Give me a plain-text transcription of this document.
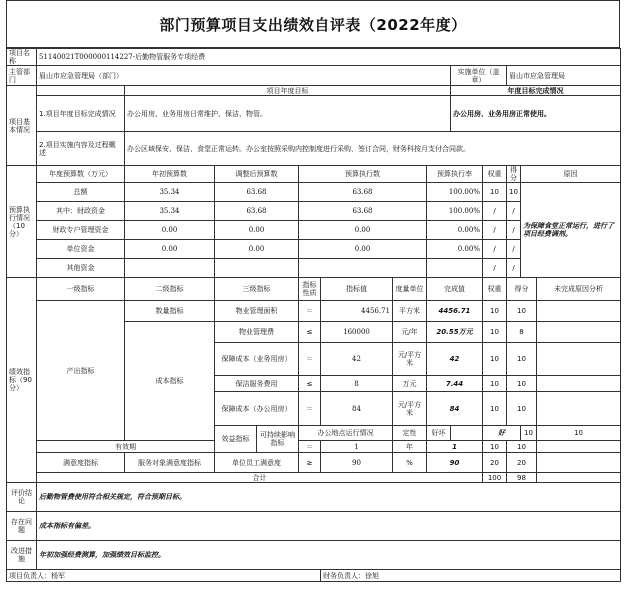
部门预算项目支出绩效自评表（2022年度）
项目名称	51140021T000000114227-后勤物管服务专项经费													
主管部门	眉山市应急管理局（部门）								实施单位（盖章）		眉山市应急管理局			
项目基本情况		项目年度目标							年度目标完成情况					
	1.项目年度目标完成情况	办公用房、业务用房日常维护、保洁、物管。							办公用房、业务用房正常使用。					
	2.项目实施内容及过程概述	办公区域保安、保洁、食堂正常运转。办公室按照采购内控制度进行采购，签订合同，财务科按月支付合同款。												
预算执行情况（10分）	年度预算数（万元）	年初预算数	调整后预算数		预算执行数			预算执行率		权重	得分	原因		
	总额	35.34	63.68		63.68			100.00%		10	10	为保障食堂正常运行，进行了项目经费调剂。		
	其中：财政资金	35.34	63.68		63.68			100.00%		/	/			
	财政专户管理资金	0.00	0.00		0.00			0.00%		/	/			
	单位资金	0.00	0.00		0.00			0.00%		/	/			
	其他资金									/	/			
绩效指标（90分）	一级指标	二级指标	三级指标		指标性质	指标值	度量单位	完成值		权重	得分		未完成原因分析	
	产出指标	数量指标	物业管理面积		＝	4456.71	平方米	4456.71		10	10			
		成本指标	物业管理费		≤	160000	元/年	20.55万元		10	8			
			保障成本（业务用房）		＝	42	元/平方米	42		10	10			
			保洁服务费用		≤	8	万元	7.44		10	10			
			保障成本（办公用房）		＝	84	元/平方米	84		10	10			
			效益指标	可持续影响指标	办公地点运行情况		定性	好坏		好		10	10	
	有效期				＝	1	年	1		10	10			
	满意度指标	服务对象满意度指标	单位员工满意度		≥	90	%	90		20	20			
	合计									100	98			
评价结论	后勤物管费使用符合相关规定，符合预期目标。													
存在问题	成本指标有偏差。													
改进措施	年初加强经费测算，加强绩效目标监控。													
项目负责人：杨军						财务负责人：徐旭								
